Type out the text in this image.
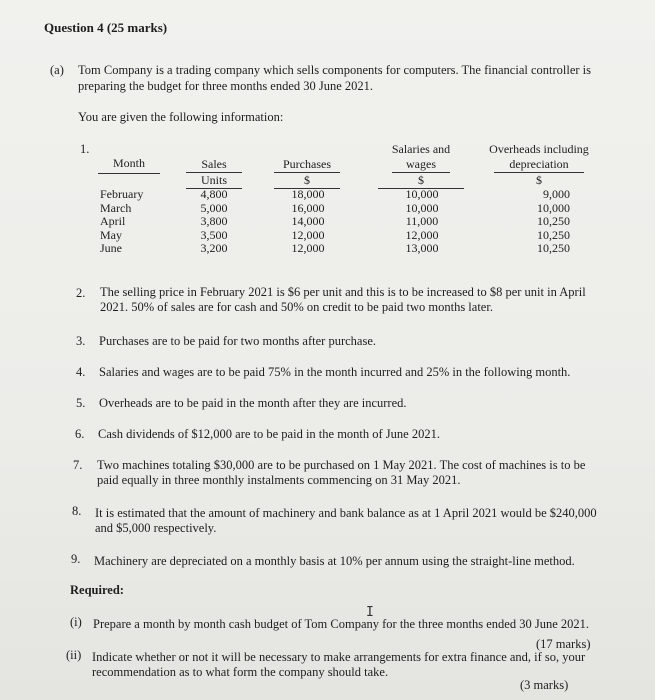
Question 4 (25 marks)
(a) Tom Company is a trading company which sells components for computers. The financial controller is
preparing the budget for three months ended 30 June 2021.
You are given the following information:
1.
Month	Sales
Units
Purchases
$
Salaries and
wages
$
Overheads including
depreciation
$
February
March
April
May
June
4,800
5,000
3,800
3,500
3,200
18,000
16,000
14,000
12,000
12,000
10,000
10,000
11,000
12,000
13,000
9,000
10,000
10,250
10,250
10,250
2. The selling price in February 2021 is $6 per unit and this is to be increased to $8 per unit in April
2021. 50% of sales are for cash and 50% on credit to be paid two months later.
3. Purchases are to be paid for two months after purchase.
4. Salaries and wages are to be paid 75% in the month incurred and 25% in the following month.
5. Overheads are to be paid in the month after they are incurred.
6. Cash dividends of $12,000 are to be paid in the month of June 2021.
7. Two machines totaling $30,000 are to be purchased on 1 May 2021. The cost of machines is to be
paid equally in three monthly instalments commencing on 31 May 2021.
8. It is estimated that the amount of machinery and bank balance as at 1 April 2021 would be $240,000
and $5,000 respectively.
9. Machinery are depreciated on a monthly basis at 10% per annum using the straight-line method.
Required:
I
(i) Prepare a month by month cash budget of Tom Company for the three months ended 30 June 2021.
(17 marks)
(ii) Indicate whether or not it will be necessary to make arrangements for extra finance and, if so, your
recommendation as to what form the company should take.
(3 marks)
